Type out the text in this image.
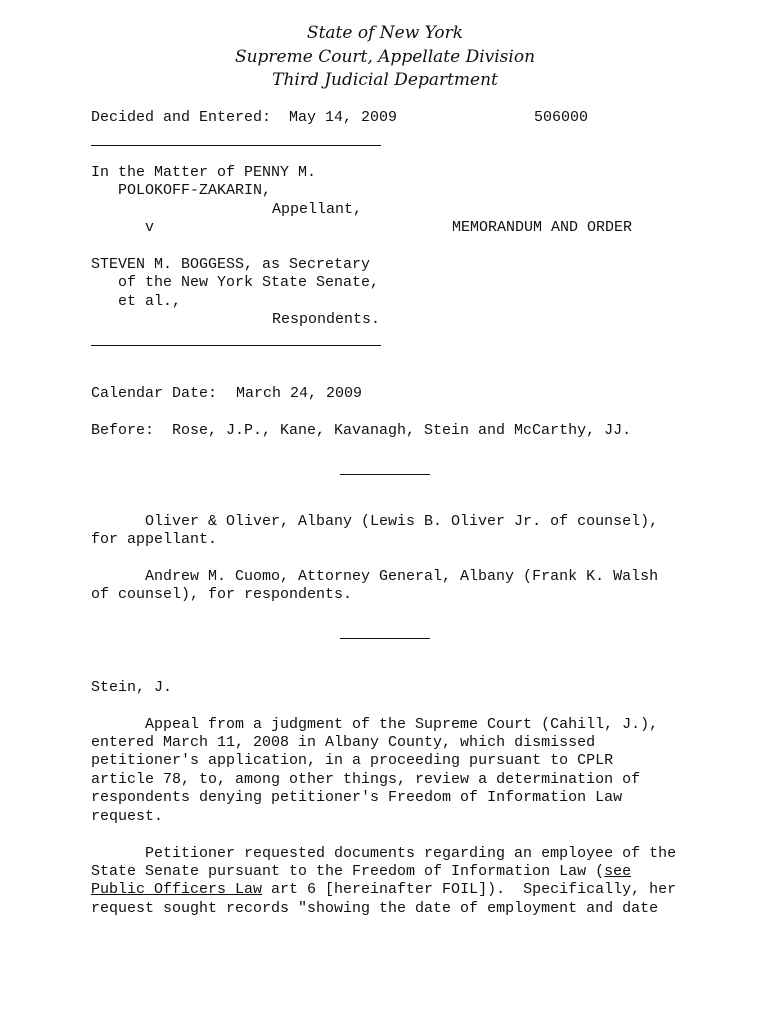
State of New York
Supreme Court, Appellate Division
Third Judicial Department
Decided and Entered: May 14, 2009	506000
In the Matter of PENNY M.
POLOKOFF-ZAKARIN,
Appellant,
v	MEMORANDUM AND ORDER
STEVEN M. BOGGESS, as Secretary
of the New York State Senate,
et al.,
Respondents.
Calendar Date: March 24, 2009
Before: Rose, J.P., Kane, Kavanagh, Stein and McCarthy, JJ.
Oliver & Oliver, Albany (Lewis B. Oliver Jr. of counsel),
for appellant.
Andrew M. Cuomo, Attorney General, Albany (Frank K. Walsh
of counsel), for respondents.
Stein, J.
Appeal from a judgment of the Supreme Court (Cahill, J.),
entered March 11, 2008 in Albany County, which dismissed
petitioner's application, in a proceeding pursuant to CPLR
article 78, to, among other things, review a determination of
respondents denying petitioner's Freedom of Information Law
request.
Petitioner requested documents regarding an employee of the
State Senate pursuant to the Freedom of Information Law (see
Public Officers Law art 6 [hereinafter FOIL]).  Specifically, her
request sought records "showing the date of employment and date
